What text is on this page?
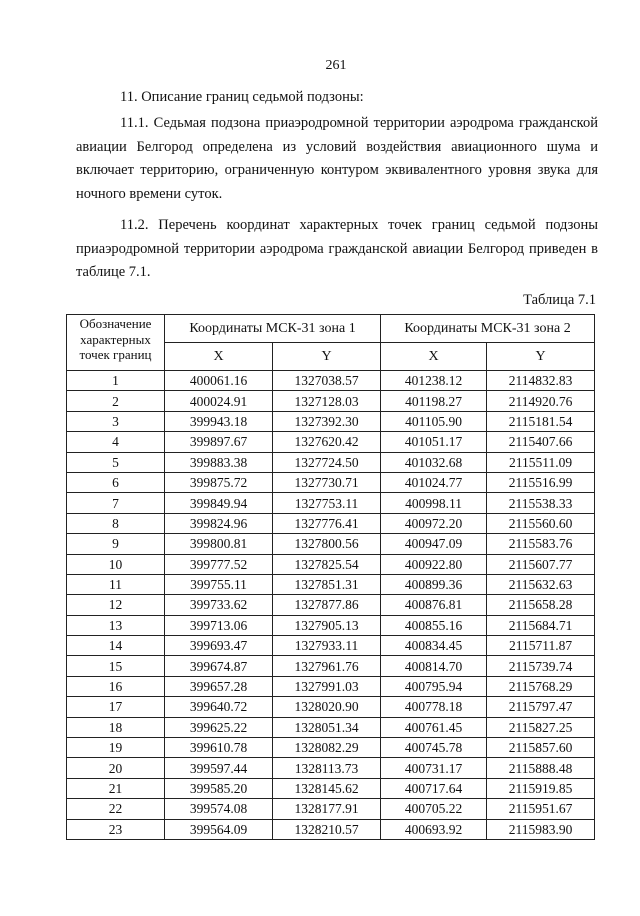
261
11. Описание границ седьмой подзоны:
11.1. Седьмая подзона приаэродромной территории аэродрома гражданской авиации Белгород определена из условий воздействия авиационного шума и включает территорию, ограниченную контуром эквивалентного уровня звука для ночного времени суток.
11.2. Перечень координат характерных точек границ седьмой подзоны приаэродромной территории аэродрома гражданской авиации Белгород приведен в таблице 7.1.
Таблица 7.1
Обозначение характерных точек границ	Координаты МСК-31 зона 1		Координаты МСК-31 зона 2	
	X	Y	X	Y
1	400061.16	1327038.57	401238.12	2114832.83
2	400024.91	1327128.03	401198.27	2114920.76
3	399943.18	1327392.30	401105.90	2115181.54
4	399897.67	1327620.42	401051.17	2115407.66
5	399883.38	1327724.50	401032.68	2115511.09
6	399875.72	1327730.71	401024.77	2115516.99
7	399849.94	1327753.11	400998.11	2115538.33
8	399824.96	1327776.41	400972.20	2115560.60
9	399800.81	1327800.56	400947.09	2115583.76
10	399777.52	1327825.54	400922.80	2115607.77
11	399755.11	1327851.31	400899.36	2115632.63
12	399733.62	1327877.86	400876.81	2115658.28
13	399713.06	1327905.13	400855.16	2115684.71
14	399693.47	1327933.11	400834.45	2115711.87
15	399674.87	1327961.76	400814.70	2115739.74
16	399657.28	1327991.03	400795.94	2115768.29
17	399640.72	1328020.90	400778.18	2115797.47
18	399625.22	1328051.34	400761.45	2115827.25
19	399610.78	1328082.29	400745.78	2115857.60
20	399597.44	1328113.73	400731.17	2115888.48
21	399585.20	1328145.62	400717.64	2115919.85
22	399574.08	1328177.91	400705.22	2115951.67
23	399564.09	1328210.57	400693.92	2115983.90
